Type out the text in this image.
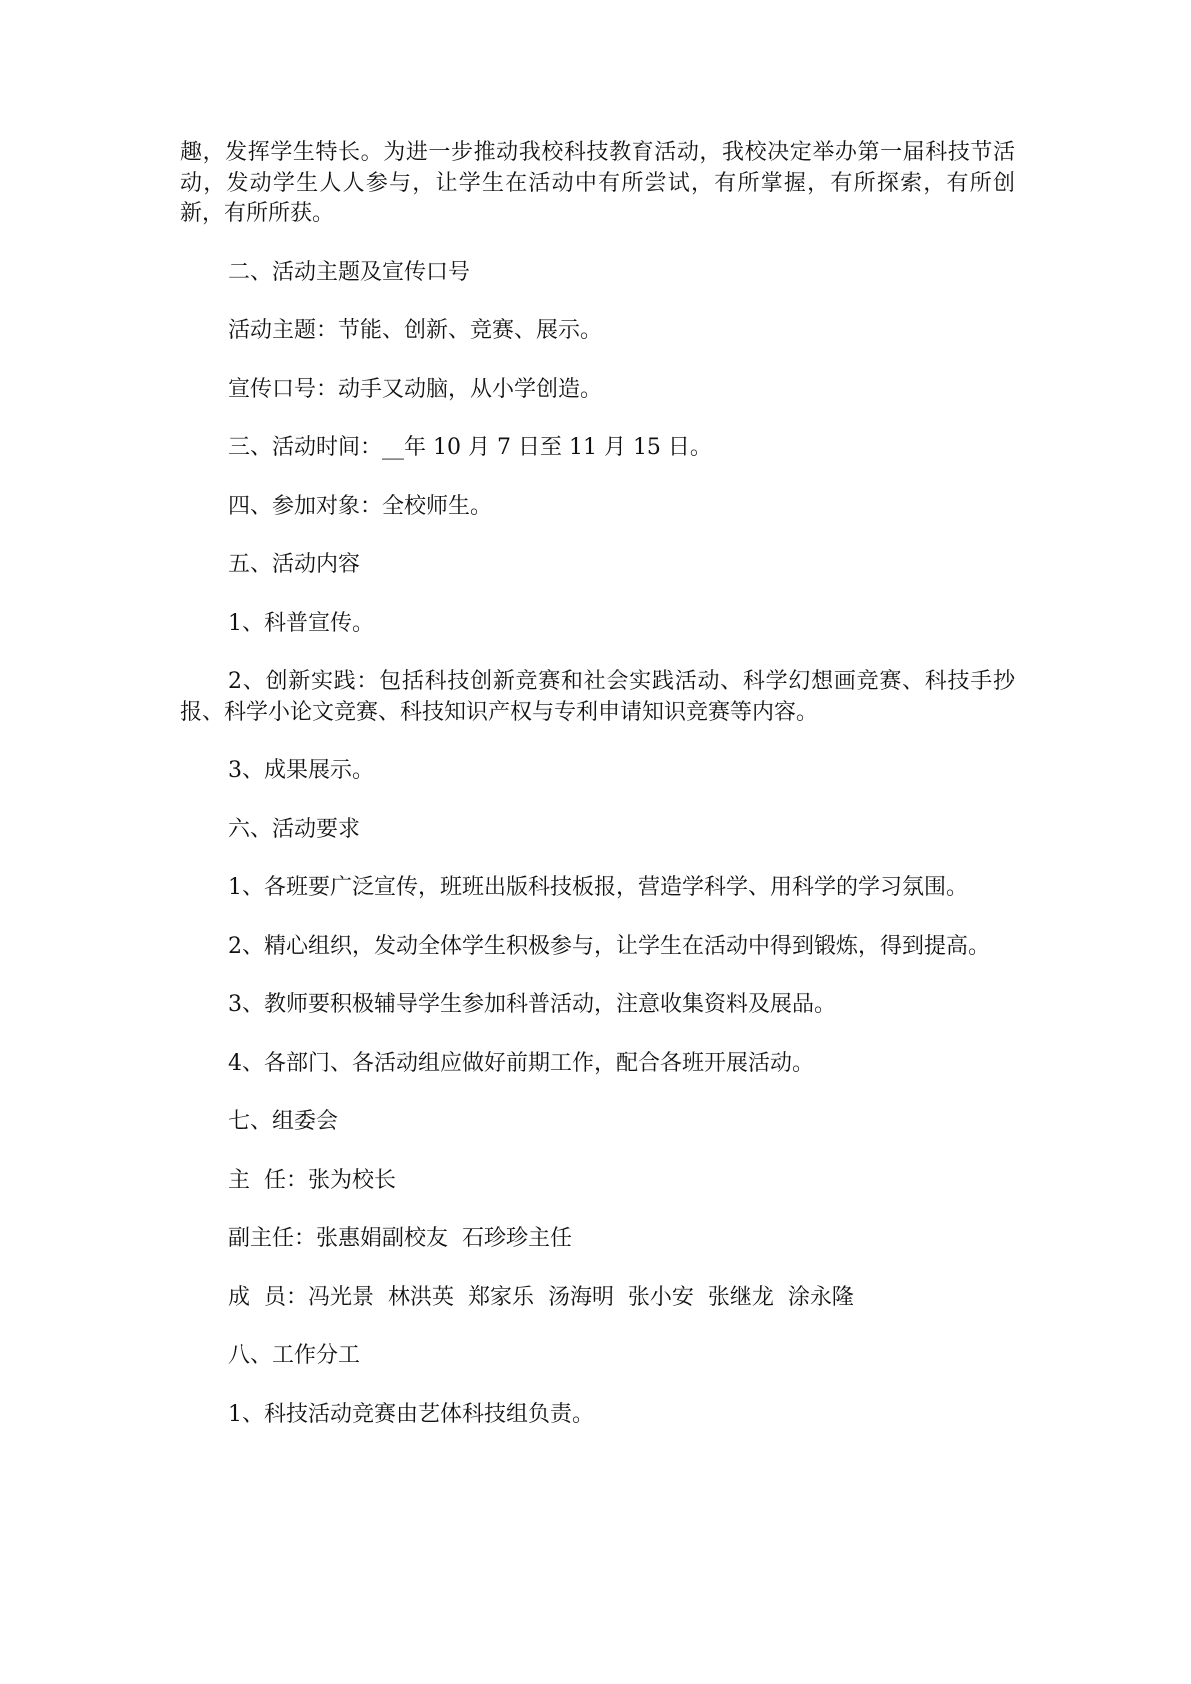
趣，发挥学生特长。为进一步推动我校科技教育活动，我校决定举办第一届科技节活动，发动学生人人参与，让学生在活动中有所尝试，有所掌握，有所探索，有所创新，有所所获。

二、活动主题及宣传口号

活动主题：节能、创新、竞赛、展示。

宣传口号：动手又动脑，从小学创造。

三、活动时间：__年 10 月 7 日至 11 月 15 日。

四、参加对象：全校师生。

五、活动内容

1、科普宣传。

2、创新实践：包括科技创新竞赛和社会实践活动、科学幻想画竞赛、科技手抄报、科学小论文竞赛、科技知识产权与专利申请知识竞赛等内容。

3、成果展示。

六、活动要求

1、各班要广泛宣传，班班出版科技板报，营造学科学、用科学的学习氛围。

2、精心组织，发动全体学生积极参与，让学生在活动中得到锻炼，得到提高。

3、教师要积极辅导学生参加科普活动，注意收集资料及展品。

4、各部门、各活动组应做好前期工作，配合各班开展活动。

七、组委会

主  任：张为校长

副主任：张惠娟副校友  石珍珍主任

成  员：冯光景  林洪英  郑家乐  汤海明  张小安  张继龙  涂永隆

八、工作分工

1、科技活动竞赛由艺体科技组负责。
